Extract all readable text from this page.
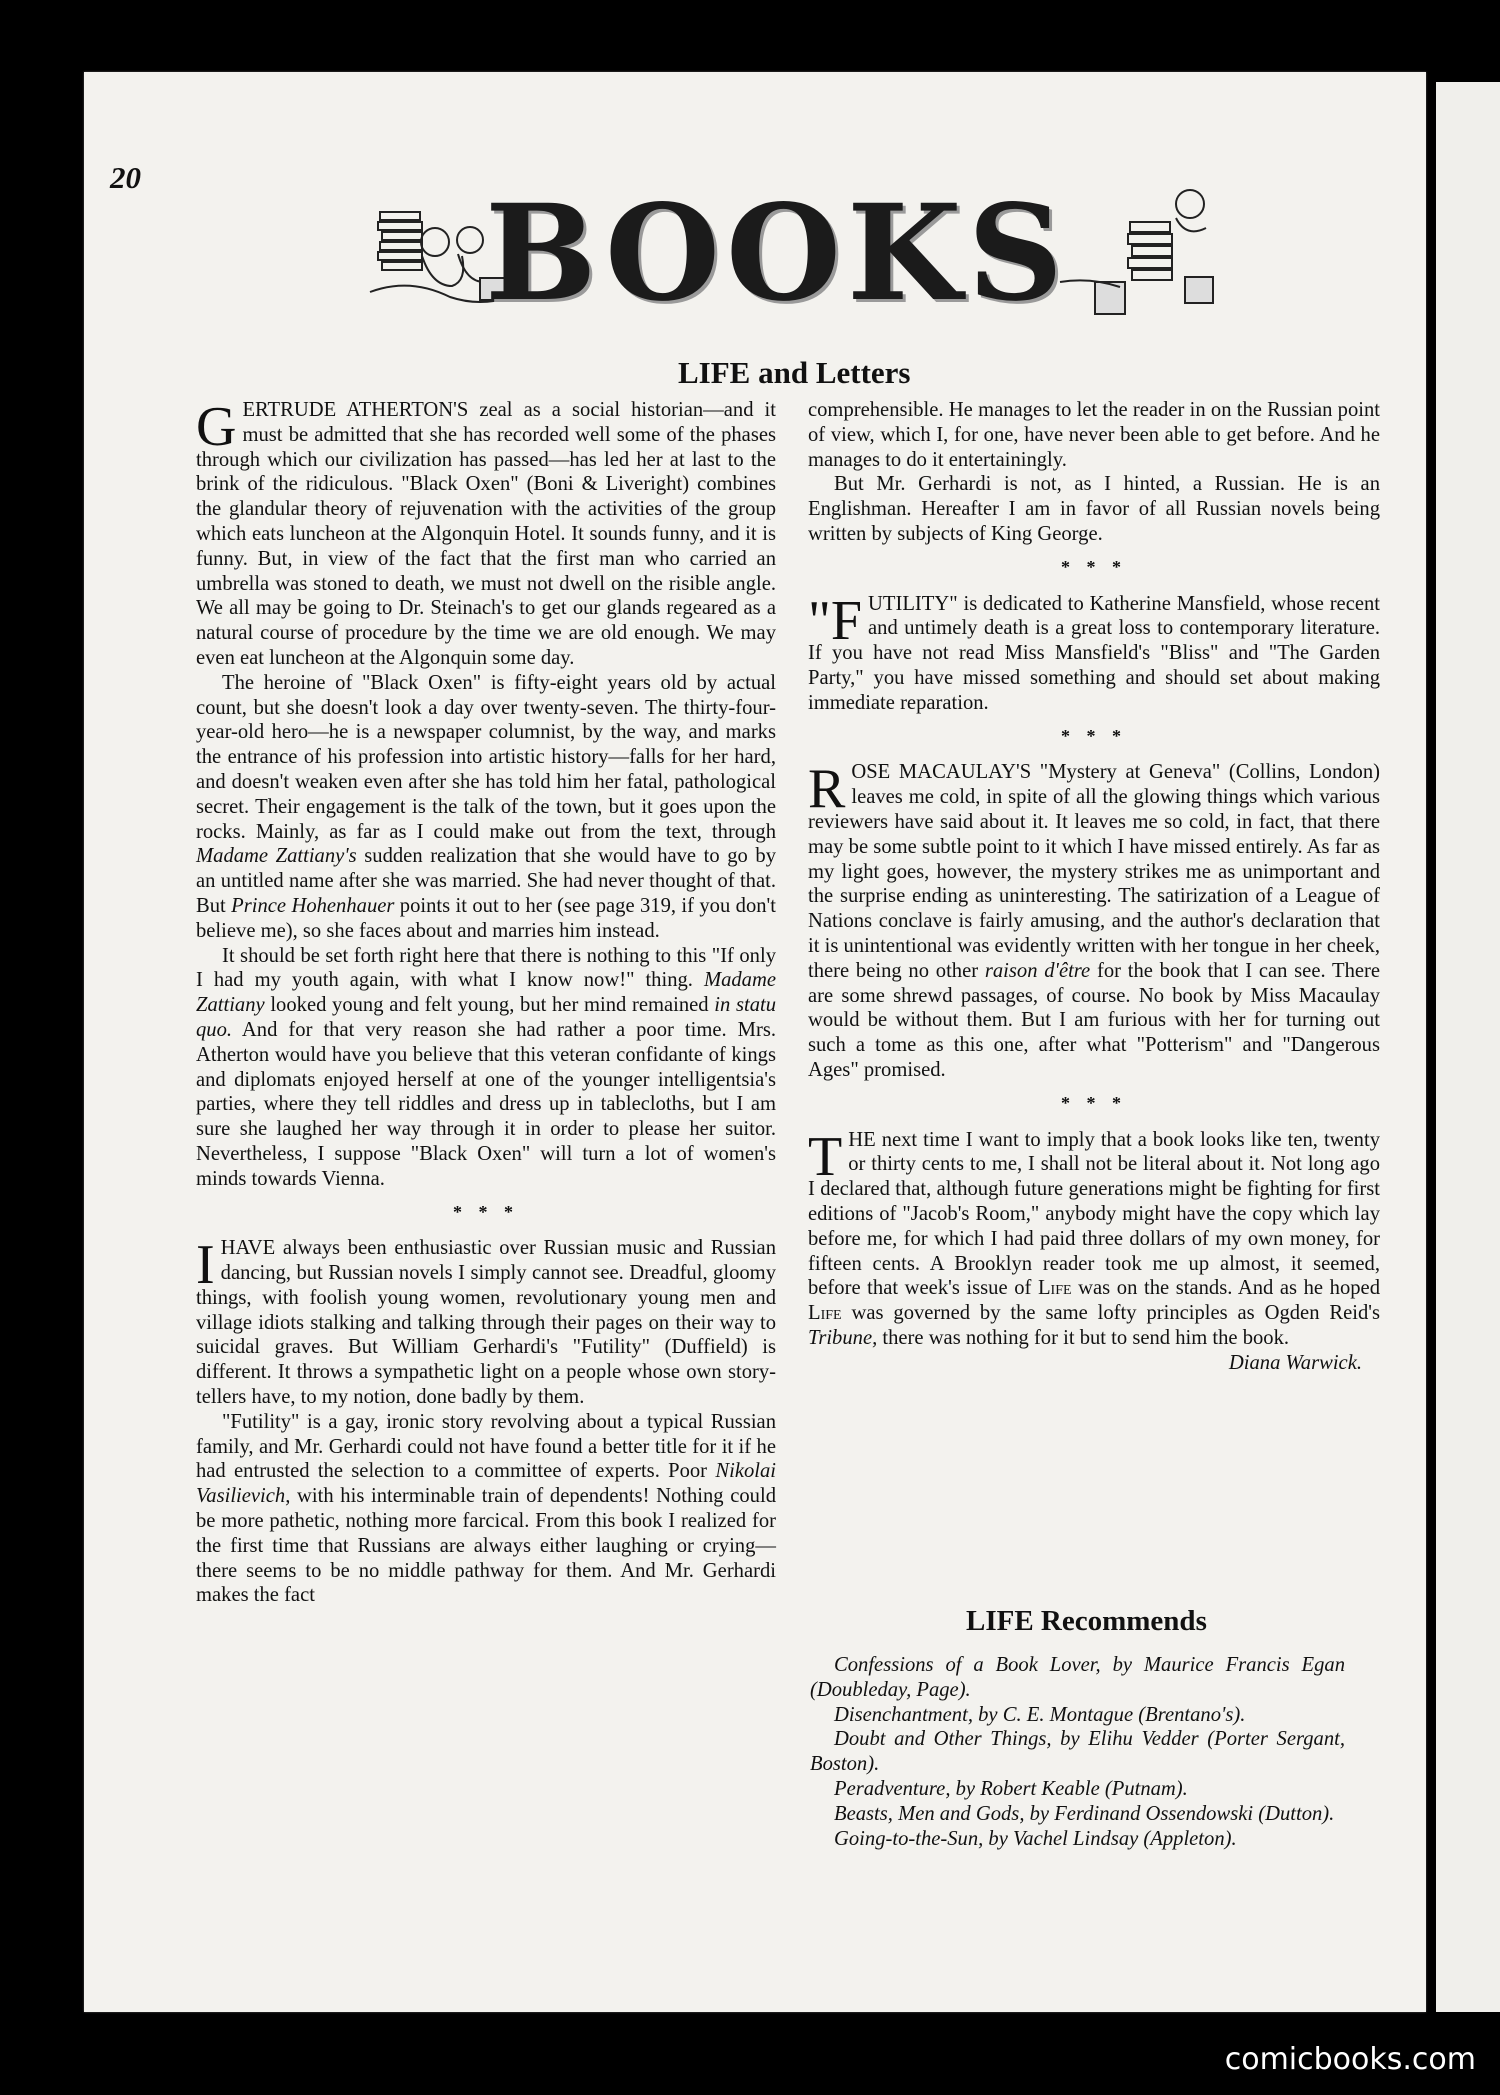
20	BOOKS
LIFE and Letters

GERTRUDE ATHERTON'S zeal as a social historian—and it must be admitted that she has recorded well some of the phases through which our civilization has passed—has led her at last to the brink of the ridiculous. "Black Oxen" (Boni & Liveright) combines the glandular theory of rejuvenation with the activities of the group which eats luncheon at the Algonquin Hotel. It sounds funny, and it is funny. But, in view of the fact that the first man who carried an umbrella was stoned to death, we must not dwell on the risible angle. We all may be going to Dr. Steinach's to get our glands regeared as a natural course of procedure by the time we are old enough. We may even eat luncheon at the Algonquin some day.

The heroine of "Black Oxen" is fifty-eight years old by actual count, but she doesn't look a day over twenty-seven. The thirty-four-year-old hero—he is a newspaper columnist, by the way, and marks the entrance of his profession into artistic history—falls for her hard, and doesn't weaken even after she has told him her fatal, pathological secret. Their engagement is the talk of the town, but it goes upon the rocks. Mainly, as far as I could make out from the text, through Madame Zattiany's sudden realization that she would have to go by an untitled name after she was married. She had never thought of that. But Prince Hohenhauer points it out to her (see page 319, if you don't believe me), so she faces about and marries him instead.

It should be set forth right here that there is nothing to this "If only I had my youth again, with what I know now!" thing. Madame Zattiany looked young and felt young, but her mind remained in statu quo. And for that very reason she had rather a poor time. Mrs. Atherton would have you believe that this veteran confidante of kings and diplomats enjoyed herself at one of the younger intelligentsia's parties, where they tell riddles and dress up in tablecloths, but I am sure she laughed her way through it in order to please her suitor. Nevertheless, I suppose "Black Oxen" will turn a lot of women's minds towards Vienna.

* * *

I HAVE always been enthusiastic over Russian music and Russian dancing, but Russian novels I simply cannot see. Dreadful, gloomy things, with foolish young women, revolutionary young men and village idiots stalking and talking through their pages on their way to suicidal graves. But William Gerhardi's "Futility" (Duffield) is different. It throws a sympathetic light on a people whose own story-tellers have, to my notion, done badly by them.

"Futility" is a gay, ironic story revolving about a typical Russian family, and Mr. Gerhardi could not have found a better title for it if he had entrusted the selection to a committee of experts. Poor Nikolai Vasilievich, with his interminable train of dependents! Nothing could be more pathetic, nothing more farcical. From this book I realized for the first time that Russians are always either laughing or crying—there seems to be no middle pathway for them. And Mr. Gerhardi makes the fact

comprehensible. He manages to let the reader in on the Russian point of view, which I, for one, have never been able to get before. And he manages to do it entertainingly.

But Mr. Gerhardi is not, as I hinted, a Russian. He is an Englishman. Hereafter I am in favor of all Russian novels being written by subjects of King George.

* * *

"FUTILITY" is dedicated to Katherine Mansfield, whose recent and untimely death is a great loss to contemporary literature. If you have not read Miss Mansfield's "Bliss" and "The Garden Party," you have missed something and should set about making immediate reparation.

* * *

ROSE MACAULAY'S "Mystery at Geneva" (Collins, London) leaves me cold, in spite of all the glowing things which various reviewers have said about it. It leaves me so cold, in fact, that there may be some subtle point to it which I have missed entirely. As far as my light goes, however, the mystery strikes me as unimportant and the surprise ending as uninteresting. The satirization of a League of Nations conclave is fairly amusing, and the author's declaration that it is unintentional was evidently written with her tongue in her cheek, there being no other raison d'être for the book that I can see. There are some shrewd passages, of course. No book by Miss Macaulay would be without them. But I am furious with her for turning out such a tome as this one, after what "Potterism" and "Dangerous Ages" promised.

* * *

THE next time I want to imply that a book looks like ten, twenty or thirty cents to me, I shall not be literal about it. Not long ago I declared that, although future generations might be fighting for first editions of "Jacob's Room," anybody might have the copy which lay before me, for which I had paid three dollars of my own money, for fifteen cents. A Brooklyn reader took me up almost, it seemed, before that week's issue of Life was on the stands. And as he hoped Life was governed by the same lofty principles as Ogden Reid's Tribune, there was nothing for it but to send him the book.

Diana Warwick.
LIFE Recommends
Confessions of a Book Lover, by Maurice Francis Egan (Doubleday, Page).
Disenchantment, by C. E. Montague (Brentano's).
Doubt and Other Things, by Elihu Vedder (Porter Sergant, Boston).
Peradventure, by Robert Keable (Putnam).
Beasts, Men and Gods, by Ferdinand Ossendowski (Dutton).
Going-to-the-Sun, by Vachel Lindsay (Appleton).
comicbooks.com
